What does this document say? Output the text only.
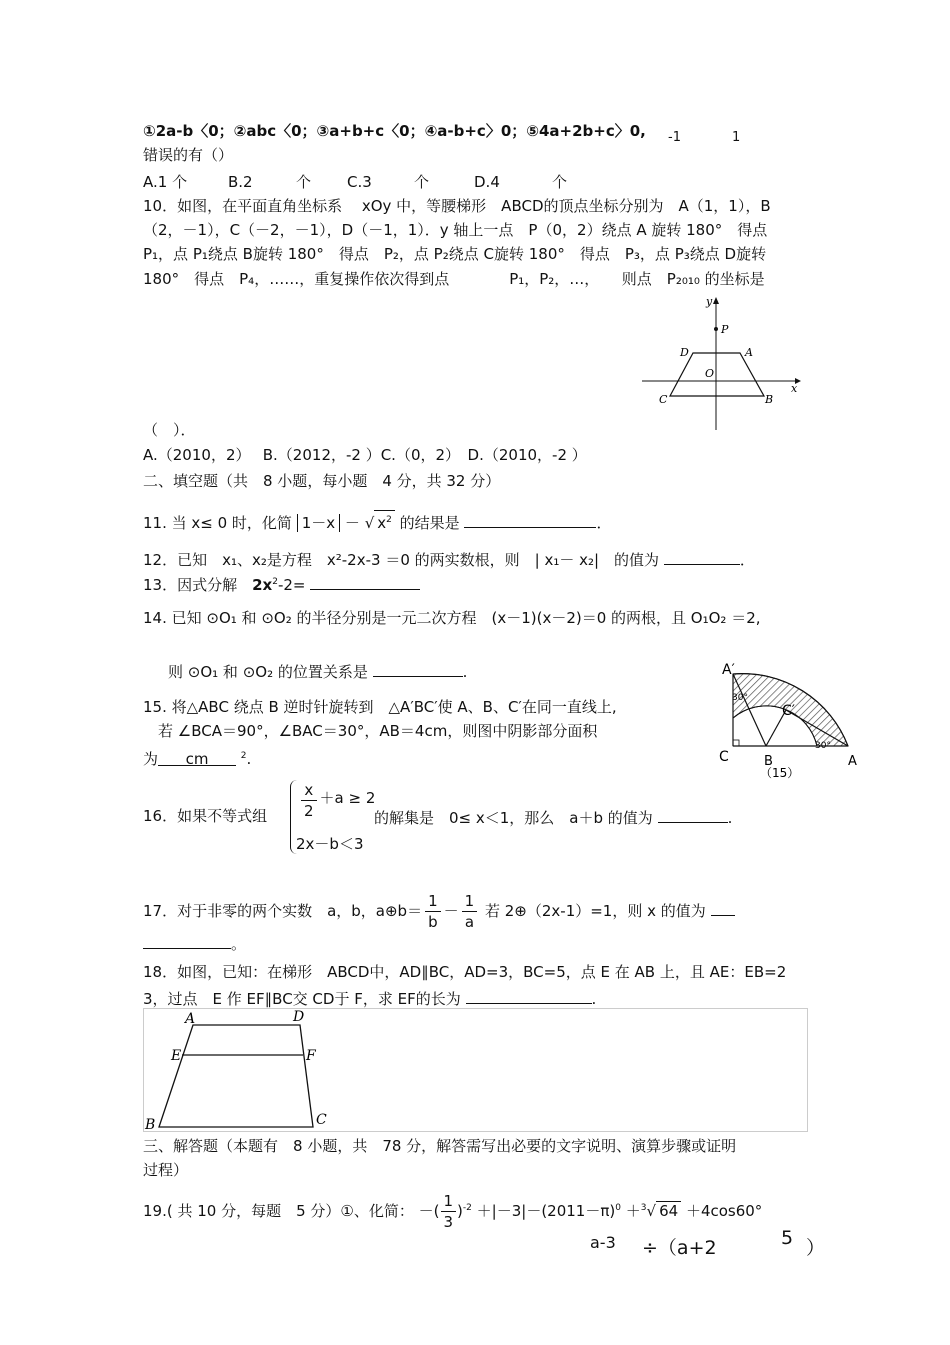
①2a-b〈0；②abc〈0；③a+b+c〈0；④a-b+c〉0；⑤4a+2b+c〉0, -1	1
错误的有（）
A.1 个	B.2	个 C.3	个	D.4	个
10．如图，在平面直角坐标系　 xOy 中，等腰梯形　ABCD的顶点坐标分别为　A（1，1），B
（2，－1），C（－2，－1），D（－1，1）．y 轴上一点　P（0，2）绕点 A 旋转 180°　得点
P₁，点 P₁绕点 B旋转 180°　得点　P₂，点 P₂绕点 C旋转 180°　得点　P₃，点 P₃绕点 D旋转
180°　得点　P₄，……，重复操作依次得到点　　　　P₁，P₂，…，　　则点　P₂₀₁₀ 的坐标是
y
x
P
D	A
O
C	B
（　）．
A.（2010，2）　 B.（2012，-2 ）C.（0，2）　D.（2010，-2 ）
二、填空题（共　8 小题，每小题　4 分，共 32 分）
11. 当 x≤ 0 时，化简 1－x － √ $x^2$ 的结果是	．
12．已知　x₁、x₂是方程　x²-2x-3 ＝0 的两实数根，则　| x₁－ x₂|　的值为	．
13．因式分解　$2x^2-2=$
14. 已知 ⊙O₁ 和 ⊙O₂ 的半径分别是一元二次方程　(x－1)(x－2)＝0 的两根，且 O₁O₂ ＝2,
则 ⊙O₁ 和 ⊙O₂ 的位置关系是	.
15. 将△ABC 绕点 B 逆时针旋转到　△A′BC′使 A、B、C′在同一直线上,
若 ∠BCA＝90°，∠BAC＝30°，AB＝4cm，则图中阴影部分面积
为 cm	$^2$.
A′
30°
C′
C	B
30°
A
（15）
16．如果不等式组 $\frac{x}{2} +a \ge 2$
2x－b＜3
的解集是　0≤ x＜1，那么　a＋b 的值为	.
17．对于非零的两个实数　a，b，a⊕b＝ $\frac{1}{b} - \frac{1}{a}$ 若 2⊕（2x-1）=1，则 x 的值为
。
18．如图，已知：在梯形　ABCD中，AD∥BC，AD=3，BC=5，点 E 在 AB 上，且 AE：EB=2
3，过点　E 作 EF∥BC交 CD于 F，求 EF的长为	.
A	D
E	F
B	C
三、解答题（本题有　8 小题，共　78 分，解答需写出必要的文字说明、演算步骤或证明
过程）
19.( 共 10 分，每题　5 分）①、化简： －( $\frac{1}{3} )^{-2} +|-3|-(2011-\pi)^0 +^3√$ 64 ＋4cos60°
a-3 ÷（a+2	5 ）
